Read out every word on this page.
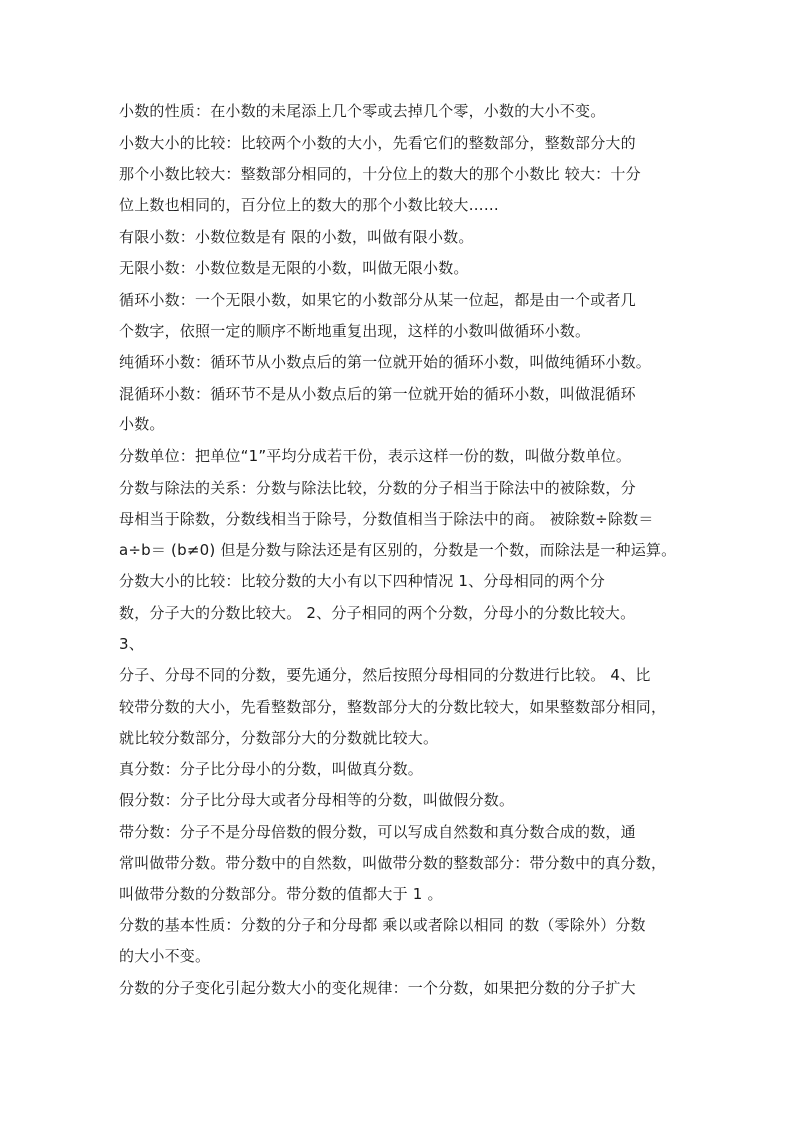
小数的性质：在小数的未尾添上几个零或去掉几个零，小数的大小不变。
小数大小的比较：比较两个小数的大小，先看它们的整数部分，整数部分大的
那个小数比较大：整数部分相同的，十分位上的数大的那个小数比 较大：十分
位上数也相同的，百分位上的数大的那个小数比较大……
有限小数：小数位数是有 限的小数，叫做有限小数。
无限小数：小数位数是无限的小数，叫做无限小数。
循环小数：一个无限小数，如果它的小数部分从某一位起，都是由一个或者几
个数字，依照一定的顺序不断地重复出现，这样的小数叫做循环小数。
纯循环小数：循环节从小数点后的第一位就开始的循环小数，叫做纯循环小数。
混循环小数：循环节不是从小数点后的第一位就开始的循环小数，叫做混循环
小数。
分数单位：把单位“1”平均分成若干份，表示这样一份的数，叫做分数单位。
分数与除法的关系：分数与除法比较，分数的分子相当于除法中的被除数，分
母相当于除数，分数线相当于除号，分数值相当于除法中的商。 被除数÷除数＝
a÷b＝ (b≠0) 但是分数与除法还是有区别的，分数是一个数，而除法是一种运算。
分数大小的比较：比较分数的大小有以下四种情况 1、分母相同的两个分
数，分子大的分数比较大。 2、分子相同的两个分数，分母小的分数比较大。
3、
分子、分母不同的分数，要先通分，然后按照分母相同的分数进行比较。 4、比
较带分数的大小，先看整数部分，整数部分大的分数比较大，如果整数部分相同，
就比较分数部分，分数部分大的分数就比较大。
真分数：分子比分母小的分数，叫做真分数。
假分数：分子比分母大或者分母相等的分数，叫做假分数。
带分数：分子不是分母倍数的假分数，可以写成自然数和真分数合成的数，通
常叫做带分数。带分数中的自然数，叫做带分数的整数部分：带分数中的真分数，
叫做带分数的分数部分。带分数的值都大于 1 。
分数的基本性质：分数的分子和分母都 乘以或者除以相同 的数（零除外）分数
的大小不变。
分数的分子变化引起分数大小的变化规律：一个分数，如果把分数的分子扩大
